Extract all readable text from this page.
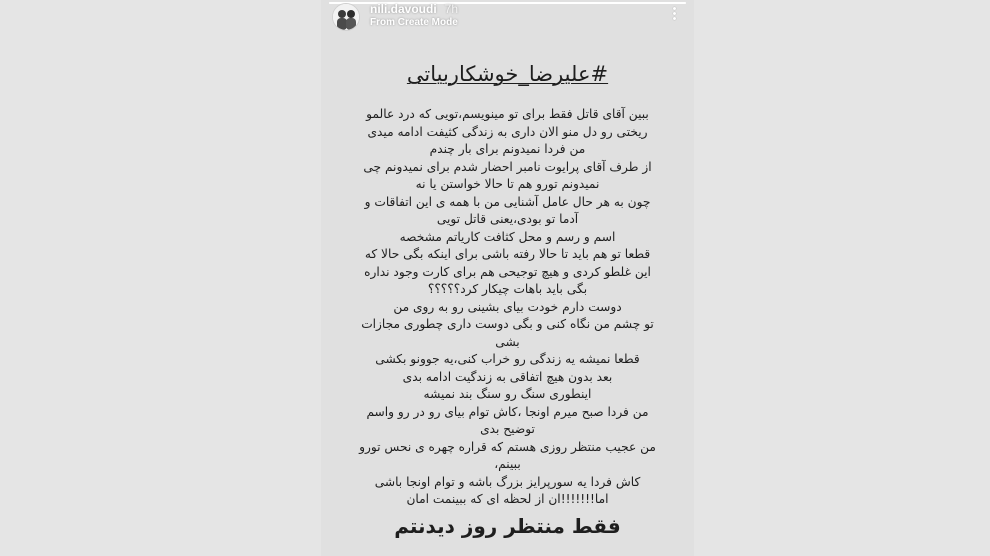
nili.davoudi 7h
From Create Mode
#علیرضا_خوشکاربیاتی
ببین آقای قاتل فقط برای تو مینویسم،تویی که درد عالمو
ریختی رو دل منو الان داری به زندگی کثیفت ادامه میدی
من فردا نمیدونم برای بار چندم
از طرف آقای پرایوت نامبر احضار شدم برای نمیدونم چی
نمیدونم تورو هم تا حالا خواستن یا نه
چون به هر حال عامل آشنایی من با همه ی این اتفاقات و
آدما تو بودی،یعنی قاتل تویی
اسم و رسم و محل کثافت کاریاتم مشخصه
قطعا تو هم باید تا حالا رفته باشی برای اینکه بگی حالا که
این غلطو کردی و هیچ توجیحی هم برای کارت وجود نداره
بگی باید باهات چیکار کرد؟؟؟؟؟
دوست دارم خودت بیای بشینی رو به روی من
تو چشم من نگاه کنی و بگی دوست داری چطوری مجازات
بشی
قطعا نمیشه یه زندگی رو خراب کنی،یه جوونو بکشی
بعد بدون هیچ اتفاقی به زندگیت ادامه بدی
اینطوری سنگ رو سنگ بند نمیشه
من فردا صبح میرم اونجا ،کاش توام بیای رو در رو واسم
توضیح بدی
من عجیب منتظر روزی هستم که قراره چهره ی نحس تورو
ببینم،
کاش فردا یه سورپرایز بزرگ باشه و توام اونجا باشی
اما!!!!!!!ان از لحظه ای که ببینمت امان
فقط منتظر روز دیدنتم
